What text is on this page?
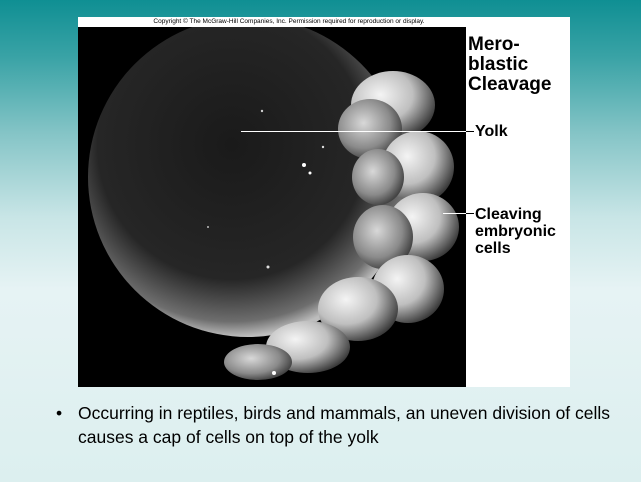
Copyright © The McGraw-Hill Companies, Inc. Permission required for reproduction or display.
Mero-
blastic
Cleavage
Yolk
Cleaving
embryonic
cells
• Occurring in reptiles, birds and mammals, an uneven division of cells causes a cap of cells on top of the yolk
